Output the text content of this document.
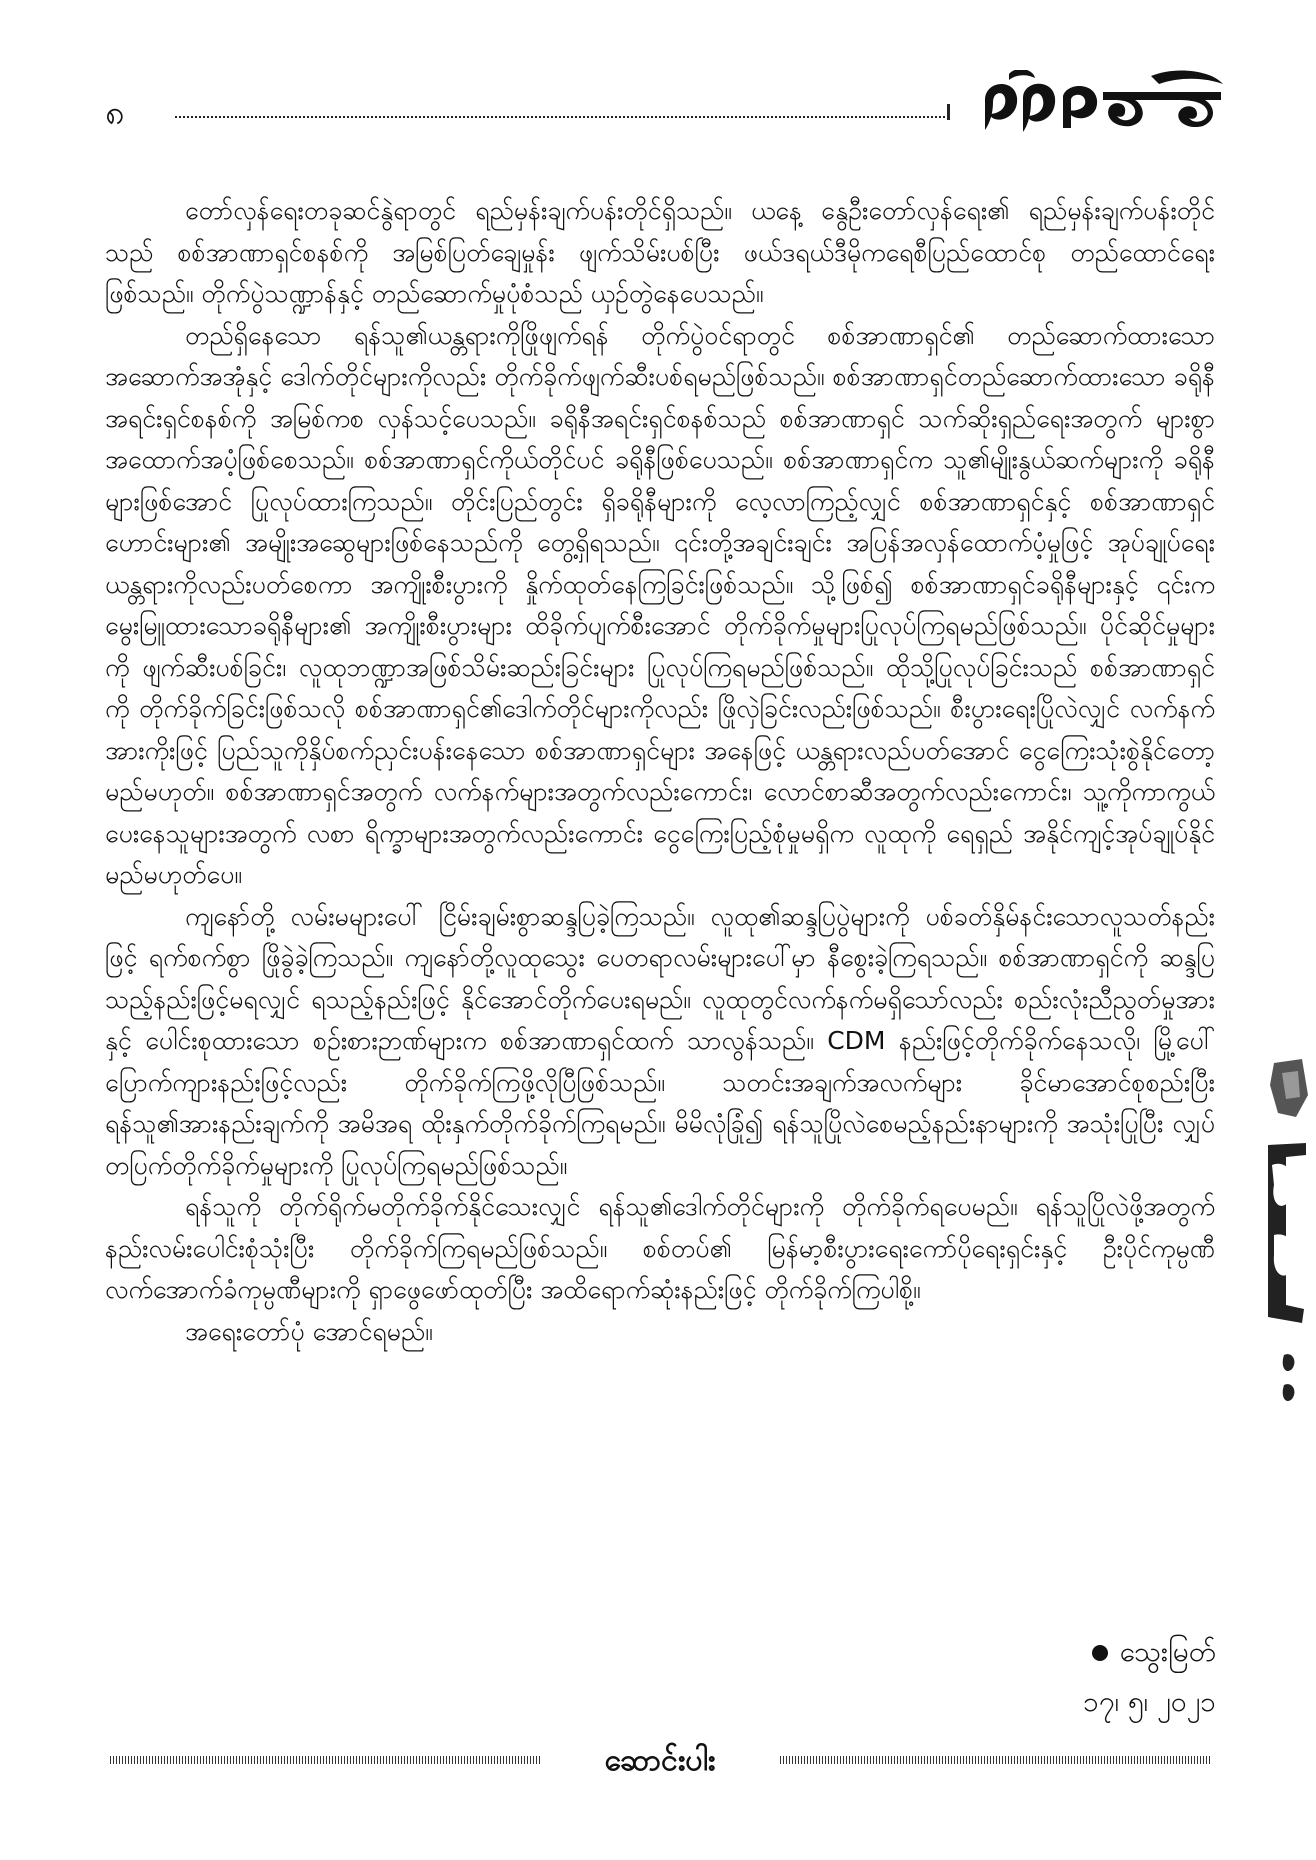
၈

တော်လှန်ရေးတခုဆင်နွဲရာတွင် ရည်မှန်းချက်ပန်းတိုင်ရှိသည်။ ယနေ့ နွေဦးတော်လှန်ရေး၏ ရည်မှန်းချက်ပန်းတိုင်သည် စစ်အာဏာရှင်စနစ်ကို အမြစ်ပြတ်ချေမှုန်း ဖျက်သိမ်းပစ်ပြီး ဖယ်ဒရယ်ဒီမိုကရေစီပြည်ထောင်စု တည်ထောင်ရေးဖြစ်သည်။ တိုက်ပွဲသဏ္ဍာန်နှင့် တည်ဆောက်မှုပုံစံသည် ယှဉ်တွဲနေပေသည်။

တည်ရှိနေသော ရန်သူ၏ယန္တရားကိုဖြိုဖျက်ရန် တိုက်ပွဲဝင်ရာတွင် စစ်အာဏာရှင်၏ တည်ဆောက်ထားသော အဆောက်အအုံနှင့် ဒေါက်တိုင်များကိုလည်း တိုက်ခိုက်ဖျက်ဆီးပစ်ရမည်ဖြစ်သည်။ စစ်အာဏာရှင်တည်ဆောက်ထားသော ခရိုနီအရင်းရှင်စနစ်ကို အမြစ်ကစ လှန်သင့်ပေသည်။ ခရိုနီအရင်းရှင်စနစ်သည် စစ်အာဏာရှင် သက်ဆိုးရှည်ရေးအတွက် များစွာအထောက်အပံ့ဖြစ်စေသည်။ စစ်အာဏာရှင်ကိုယ်တိုင်ပင် ခရိုနီဖြစ်ပေသည်။ စစ်အာဏာရှင်က သူ၏မျိုးနွယ်ဆက်များကို ခရိုနီများဖြစ်အောင် ပြုလုပ်ထားကြသည်။ တိုင်းပြည်တွင်း ရှိခရိုနီများကို လေ့လာကြည့်လျှင် စစ်အာဏာရှင်နှင့် စစ်အာဏာရှင်ဟောင်းများ၏ အမျိုးအဆွေများဖြစ်နေသည်ကို တွေ့ရှိရသည်။ ၎င်းတို့အချင်းချင်း အပြန်အလှန်ထောက်ပံ့မှုဖြင့် အုပ်ချုပ်ရေးယန္တရားကိုလည်းပတ်စေကာ အကျိုးစီးပွားကို နှိုက်ထုတ်နေကြခြင်းဖြစ်သည်။ သို့ဖြစ်၍ စစ်အာဏာရှင်ခရိုနီများနှင့် ၎င်းကမွေးမြူထားသောခရိုနီများ၏ အကျိုးစီးပွားများ ထိခိုက်ပျက်စီးအောင် တိုက်ခိုက်မှုများပြုလုပ်ကြရမည်ဖြစ်သည်။ ပိုင်ဆိုင်မှုများကို ဖျက်ဆီးပစ်ခြင်း၊ လူထုဘဏ္ဍာအဖြစ်သိမ်းဆည်းခြင်းများ ပြုလုပ်ကြရမည်ဖြစ်သည်။ ထိုသို့ပြုလုပ်ခြင်းသည် စစ်အာဏာရှင်ကို တိုက်ခိုက်ခြင်းဖြစ်သလို စစ်အာဏာရှင်၏ဒေါက်တိုင်များကိုလည်း ဖြိုလှဲခြင်းလည်းဖြစ်သည်။ စီးပွားရေးပြိုလဲလျှင် လက်နက်အားကိုးဖြင့် ပြည်သူကိုနှိပ်စက်ညှင်းပန်းနေသော စစ်အာဏာရှင်များ အနေဖြင့် ယန္တရားလည်ပတ်အောင် ငွေကြေးသုံးစွဲနိုင်တော့မည်မဟုတ်။ စစ်အာဏာရှင်အတွက် လက်နက်များအတွက်လည်းကောင်း၊ လောင်စာဆီအတွက်လည်းကောင်း၊ သူ့ကိုကာကွယ်ပေးနေသူများအတွက် လစာ ရိက္ခာများအတွက်လည်းကောင်း ငွေကြေးပြည့်စုံမှုမရှိက လူထုကို ရေရှည် အနိုင်ကျင့်အုပ်ချုပ်နိုင်မည်မဟုတ်ပေ။

ကျနော်တို့ လမ်းမများပေါ် ငြိမ်းချမ်းစွာဆန္ဒပြခဲ့ကြသည်။ လူထု၏ဆန္ဒပြပွဲများကို ပစ်ခတ်နှိမ်နင်းသောလူသတ်နည်းဖြင့် ရက်စက်စွာ ဖြိုခွဲခဲ့ကြသည်။ ကျနော်တို့လူထုသွေး ပေတရာလမ်းများပေါ်မှာ နီစွေးခဲ့ကြရသည်။ စစ်အာဏာရှင်ကို ဆန္ဒပြသည့်နည်းဖြင့်မရလျှင် ရသည့်နည်းဖြင့် နိုင်အောင်တိုက်ပေးရမည်။ လူထုတွင်လက်နက်မရှိသော်လည်း စည်းလုံးညီညွတ်မှုအားနှင့် ပေါင်းစုထားသော စဉ်းစားဉာဏ်များက စစ်အာဏာရှင်ထက် သာလွန်သည်။ CDM နည်းဖြင့်တိုက်ခိုက်နေသလို၊ မြို့ပေါ်ပြောက်ကျားနည်းဖြင့်လည်း တိုက်ခိုက်ကြဖို့လိုပြီဖြစ်သည်။ သတင်းအချက်အလက်များ ခိုင်မာအောင်စုစည်းပြီး ရန်သူ၏အားနည်းချက်ကို အမိအရ ထိုးနှက်တိုက်ခိုက်ကြရမည်။ မိမိလုံခြုံ၍ ရန်သူပြိုလဲစေမည့်နည်းနာများကို အသုံးပြုပြီး လျှပ်တပြက်တိုက်ခိုက်မှုများကို ပြုလုပ်ကြရမည်ဖြစ်သည်။

ရန်သူကို တိုက်ရိုက်မတိုက်ခိုက်နိုင်သေးလျှင် ရန်သူ၏ဒေါက်တိုင်များကို တိုက်ခိုက်ရပေမည်။ ရန်သူပြိုလဲဖို့အတွက် နည်းလမ်းပေါင်းစုံသုံးပြီး တိုက်ခိုက်ကြရမည်ဖြစ်သည်။ စစ်တပ်၏ မြန်မာ့စီးပွားရေးကော်ပိုရေးရှင်းနှင့် ဦးပိုင်ကုမ္ပဏီလက်အောက်ခံကုမ္ပဏီများကို ရှာဖွေဖော်ထုတ်ပြီး အထိရောက်ဆုံးနည်းဖြင့် တိုက်ခိုက်ကြပါစို့။

အရေးတော်ပုံ အောင်ရမည်။

သွေးမြတ်
၁၇၊ ၅၊ ၂၀၂၁
ဆောင်းပါး
